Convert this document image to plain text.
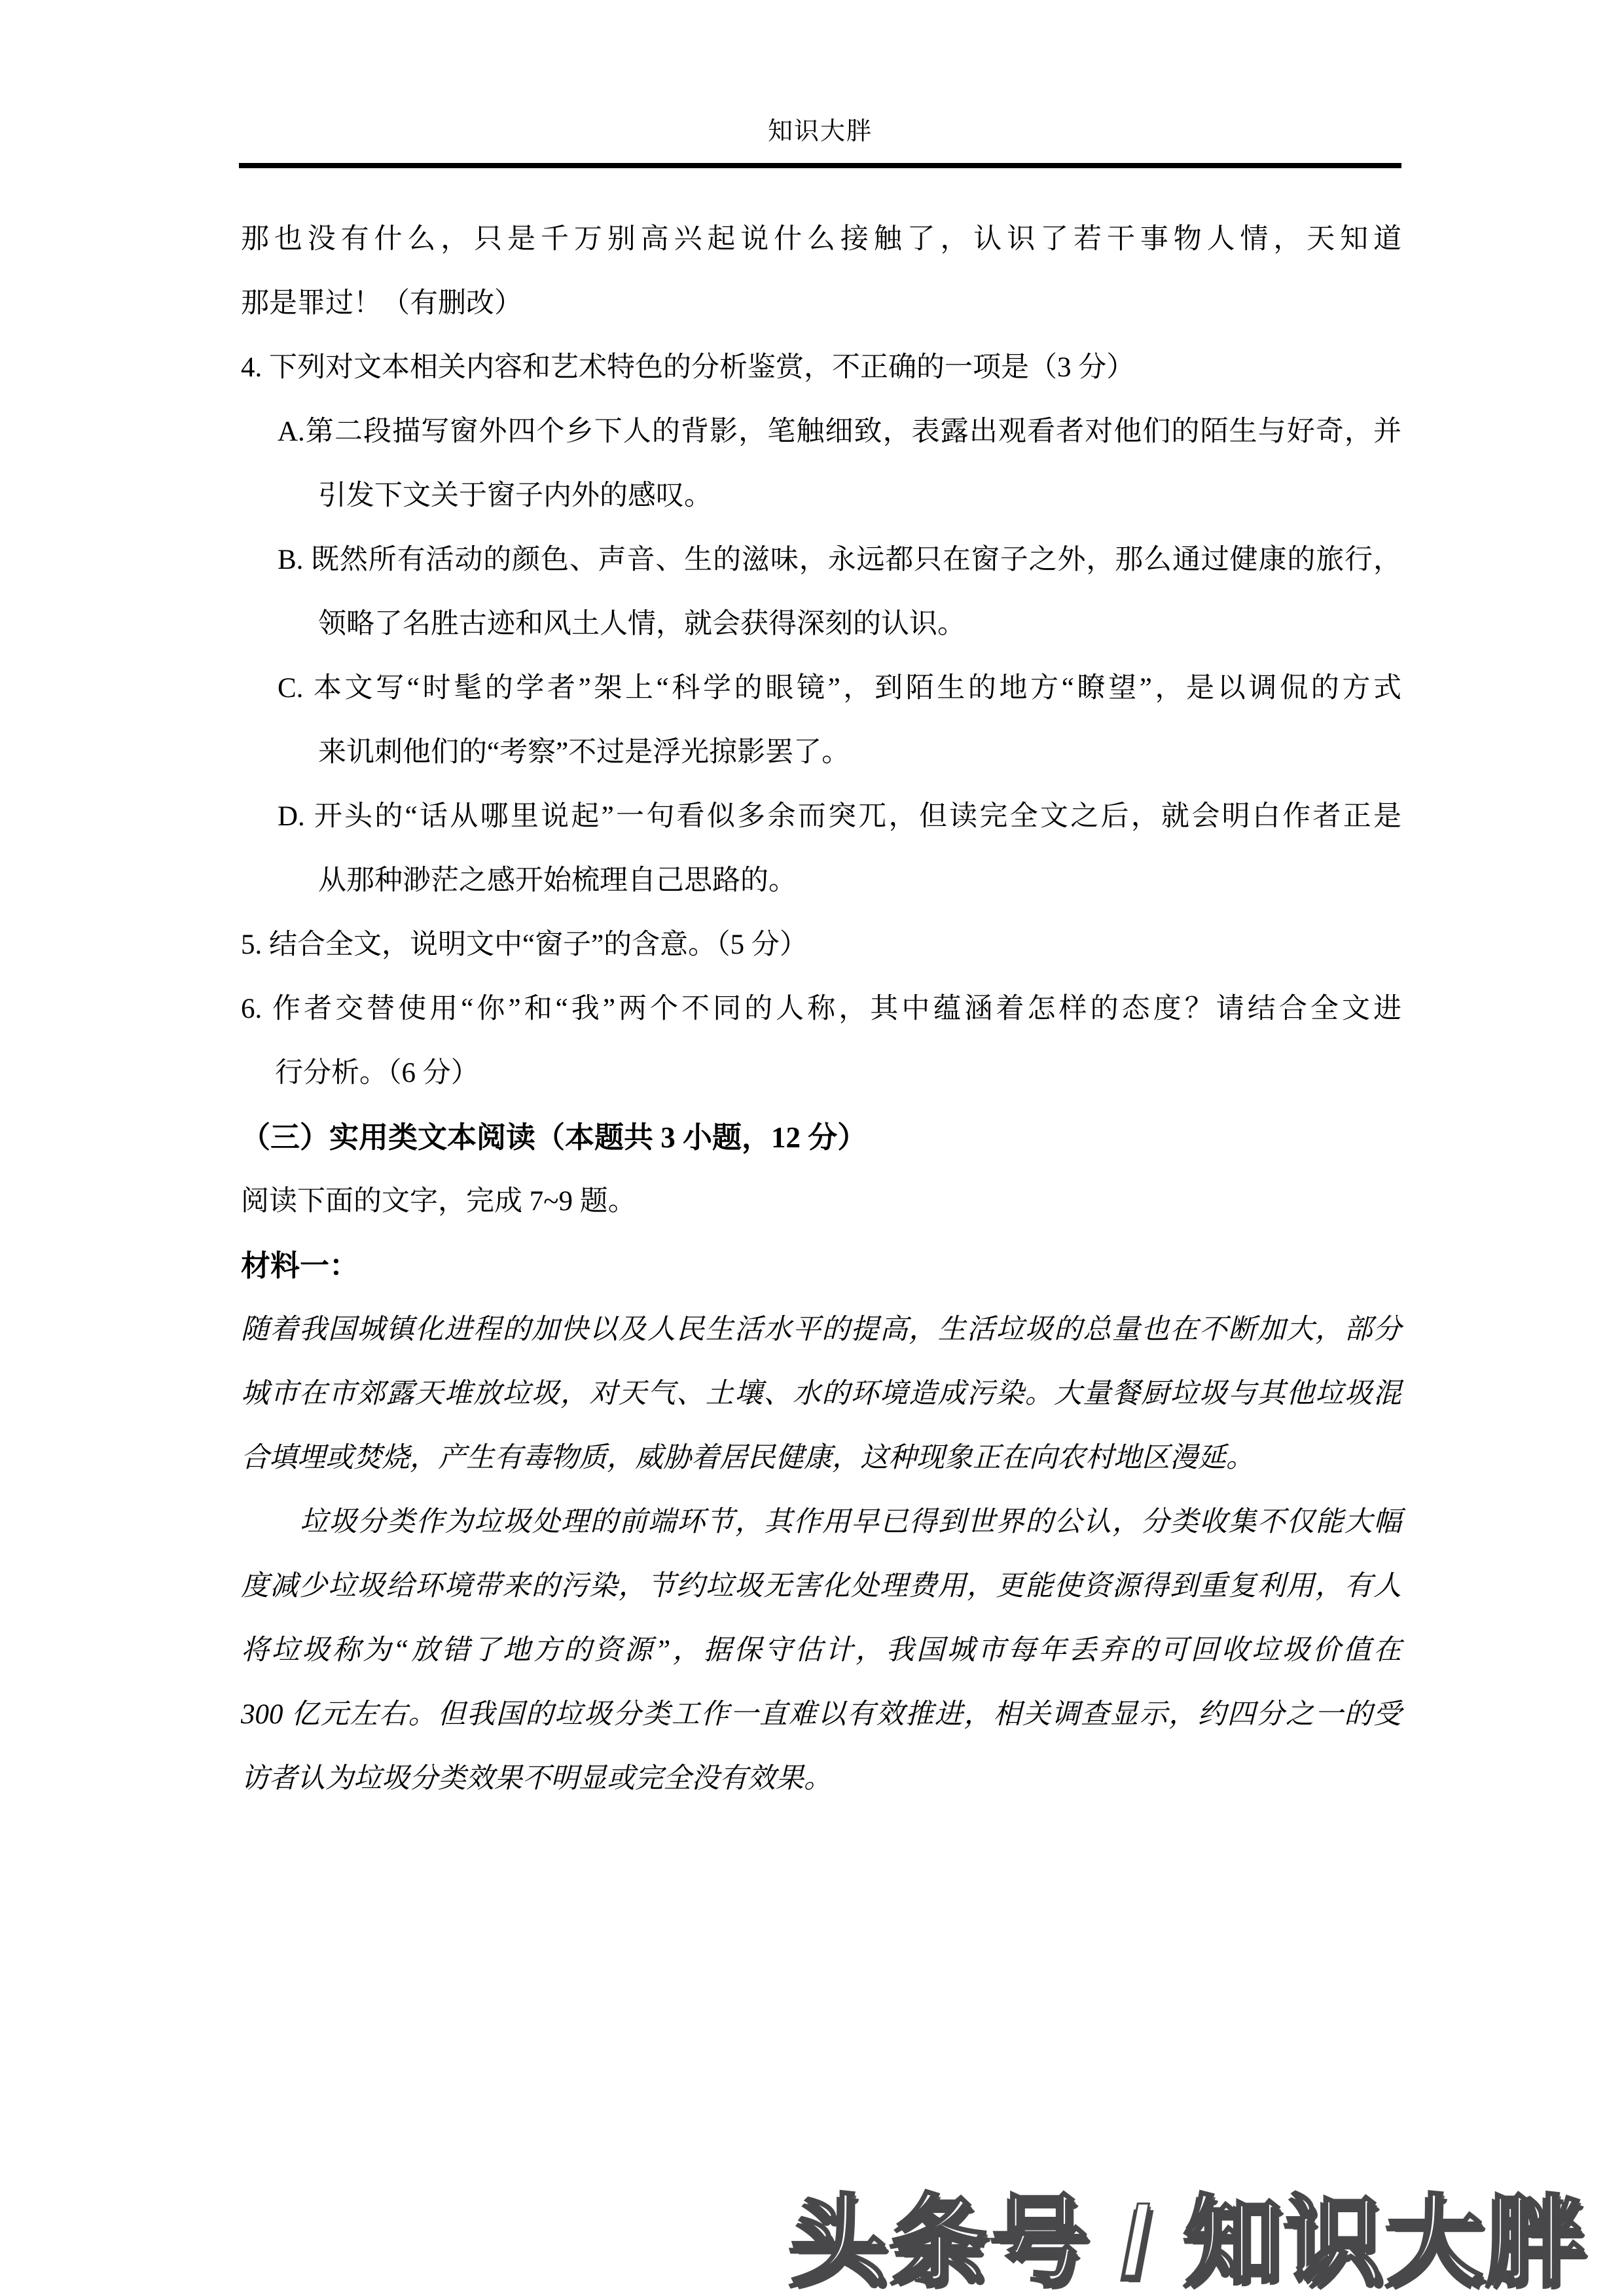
知识大胖
那也没有什么，只是千万别高兴起说什么接触了，认识了若干事物人情，天知道
那是罪过！（有删改）
4. 下列对文本相关内容和艺术特色的分析鉴赏，不正确的一项是（3 分）
A.第二段描写窗外四个乡下人的背影，笔触细致，表露出观看者对他们的陌生与好奇，并
引发下文关于窗子内外的感叹。
B. 既然所有活动的颜色、声音、生的滋味，永远都只在窗子之外，那么通过健康的旅行，
领略了名胜古迹和风土人情，就会获得深刻的认识。
C. 本文写“时髦的学者”架上“科学的眼镜”，到陌生的地方“瞭望”，是以调侃的方式
来讥刺他们的“考察”不过是浮光掠影罢了。
D. 开头的“话从哪里说起”一句看似多余而突兀，但读完全文之后，就会明白作者正是
从那种渺茫之感开始梳理自己思路的。
5. 结合全文，说明文中“窗子”的含意。（5 分）
6. 作者交替使用“你”和“我”两个不同的人称，其中蕴涵着怎样的态度？请结合全文进
行分析。（6 分）
（三）实用类文本阅读（本题共 3 小题，12 分）
阅读下面的文字，完成 7~9 题。
材料一：
随着我国城镇化进程的加快以及人民生活水平的提高，生活垃圾的总量也在不断加大，部分
城市在市郊露天堆放垃圾，对天气、土壤、水的环境造成污染。大量餐厨垃圾与其他垃圾混
合填埋或焚烧，产生有毒物质，威胁着居民健康，这种现象正在向农村地区漫延。
垃圾分类作为垃圾处理的前端环节，其作用早已得到世界的公认，分类收集不仅能大幅
度减少垃圾给环境带来的污染，节约垃圾无害化处理费用，更能使资源得到重复利用，有人
将垃圾称为“放错了地方的资源”，据保守估计，我国城市每年丢弃的可回收垃圾价值在
300 亿元左右。但我国的垃圾分类工作一直难以有效推进，相关调查显示，约四分之一的受
访者认为垃圾分类效果不明显或完全没有效果。
头条号 / 知识大胖
